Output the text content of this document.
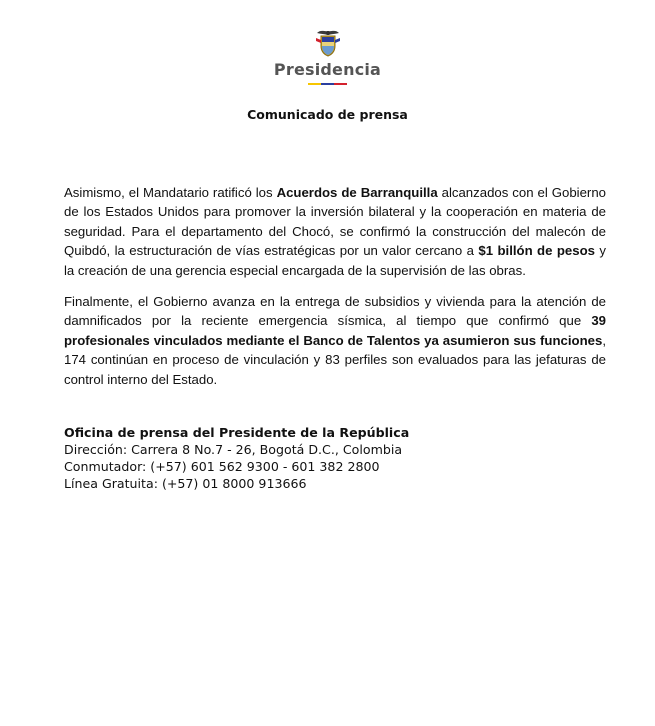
Presidencia
Comunicado de prensa

Asimismo, el Mandatario ratificó los Acuerdos de Barranquilla alcanzados con el Gobierno de los Estados Unidos para promover la inversión bilateral y la cooperación en materia de seguridad. Para el departamento del Chocó, se confirmó la construcción del malecón de Quibdó, la estructuración de vías estratégicas por un valor cercano a $1 billón de pesos y la creación de una gerencia especial encargada de la supervisión de las obras.

Finalmente, el Gobierno avanza en la entrega de subsidios y vivienda para la atención de damnificados por la reciente emergencia sísmica, al tiempo que confirmó que 39 profesionales vinculados mediante el Banco de Talentos ya asumieron sus funciones, 174 continúan en proceso de vinculación y 83 perfiles son evaluados para las jefaturas de control interno del Estado.

Oficina de prensa del Presidente de la República
Dirección: Carrera 8 No.7 - 26, Bogotá D.C., Colombia
Conmutador: (+57) 601 562 9300 - 601 382 2800
Línea Gratuita: (+57) 01 8000 913666
